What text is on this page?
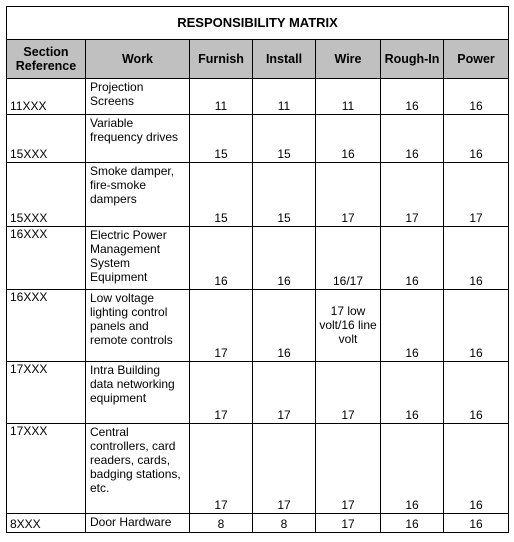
RESPONSIBILITY MATRIX						
Section Reference	Work	Furnish	Install	Wire	Rough-In	Power
11XXX	Projection Screens	11	11	11	16	16
15XXX	Variable frequency drives	15	15	16	16	16
15XXX	Smoke damper, fire-smoke dampers	15	15	17	17	17
16XXX	Electric Power Management System Equipment	16	16	16/17	16	16
16XXX	Low voltage lighting control panels and remote controls	17	16	17 low volt/16 line volt	16	16
17XXX	Intra Building data networking equipment	17	17	17	16	16
17XXX	Central controllers, card readers, cards, badging stations, etc.	17	17	17	16	16
8XXX	Door Hardware	8	8	17	16	16
